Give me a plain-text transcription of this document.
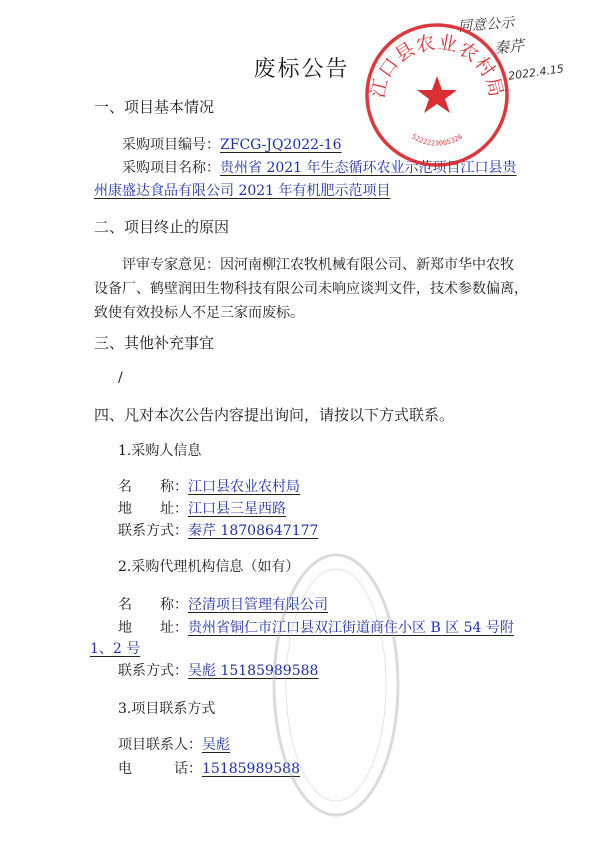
同意公示
秦芹
2022.4.15
废标公告
一、项目基本情况
采购项目编号：ZFCG-JQ2022-16
采购项目名称：贵州省 2021 年生态循环农业示范项目江口县贵
州康盛达食品有限公司 2021 年有机肥示范项目
二、项目终止的原因
评审专家意见：因河南柳江农牧机械有限公司、新郑市华中农牧
设备厂、鹤壁润田生物科技有限公司未响应谈判文件，技术参数偏离，
致使有效投标人不足三家而废标。
三、其他补充事宜
/
四、凡对本次公告内容提出询问，请按以下方式联系。
1.采购人信息
名　　称：江口县农业农村局
地　　址：江口县三星西路
联系方式：秦芹 18708647177
2.采购代理机构信息（如有）
名　　称：泾清项目管理有限公司
地　　址：贵州省铜仁市江口县双江街道商住小区 B 区 54 号附
1、2 号
联系方式：吴彪 15185989588
3.项目联系方式
项目联系人：吴彪
电　　　话：15185989588
江口县农业农村局
5222223005326
